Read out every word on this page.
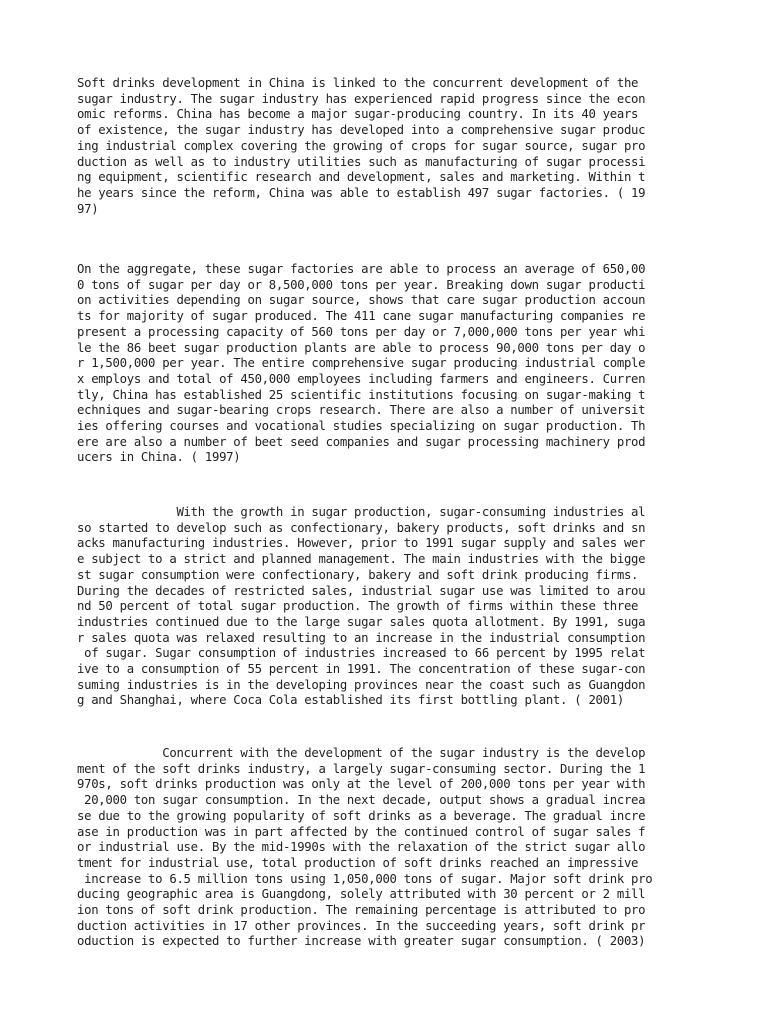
Soft drinks development in China is linked to the concurrent development of the
sugar industry. The sugar industry has experienced rapid progress since the econ
omic reforms. China has become a major sugar-producing country. In its 40 years
of existence, the sugar industry has developed into a comprehensive sugar produc
ing industrial complex covering the growing of crops for sugar source, sugar pro
duction as well as to industry utilities such as manufacturing of sugar processi
ng equipment, scientific research and development, sales and marketing. Within t
he years since the reform, China was able to establish 497 sugar factories. ( 19
97)

On the aggregate, these sugar factories are able to process an average of 650,00
0 tons of sugar per day or 8,500,000 tons per year. Breaking down sugar producti
on activities depending on sugar source, shows that care sugar production accoun
ts for majority of sugar produced. The 411 cane sugar manufacturing companies re
present a processing capacity of 560 tons per day or 7,000,000 tons per year whi
le the 86 beet sugar production plants are able to process 90,000 tons per day o
r 1,500,000 per year. The entire comprehensive sugar producing industrial comple
x employs and total of 450,000 employees including farmers and engineers. Curren
tly, China has established 25 scientific institutions focusing on sugar-making t
echniques and sugar-bearing crops research. There are also a number of universit
ies offering courses and vocational studies specializing on sugar production. Th
ere are also a number of beet seed companies and sugar processing machinery prod
ucers in China. ( 1997)

With the growth in sugar production, sugar-consuming industries al
so started to develop such as confectionary, bakery products, soft drinks and sn
acks manufacturing industries. However, prior to 1991 sugar supply and sales wer
e subject to a strict and planned management. The main industries with the bigge
st sugar consumption were confectionary, bakery and soft drink producing firms.
During the decades of restricted sales, industrial sugar use was limited to arou
nd 50 percent of total sugar production. The growth of firms within these three
industries continued due to the large sugar sales quota allotment. By 1991, suga
r sales quota was relaxed resulting to an increase in the industrial consumption
of sugar. Sugar consumption of industries increased to 66 percent by 1995 relat
ive to a consumption of 55 percent in 1991. The concentration of these sugar-con
suming industries is in the developing provinces near the coast such as Guangdon
g and Shanghai, where Coca Cola established its first bottling plant. ( 2001)

Concurrent with the development of the sugar industry is the develop
ment of the soft drinks industry, a largely sugar-consuming sector. During the 1
970s, soft drinks production was only at the level of 200,000 tons per year with
20,000 ton sugar consumption. In the next decade, output shows a gradual increa
se due to the growing popularity of soft drinks as a beverage. The gradual incre
ase in production was in part affected by the continued control of sugar sales f
or industrial use. By the mid-1990s with the relaxation of the strict sugar allo
tment for industrial use, total production of soft drinks reached an impressive
increase to 6.5 million tons using 1,050,000 tons of sugar. Major soft drink pro
ducing geographic area is Guangdong, solely attributed with 30 percent or 2 mill
ion tons of soft drink production. The remaining percentage is attributed to pro
duction activities in 17 other provinces. In the succeeding years, soft drink pr
oduction is expected to further increase with greater sugar consumption. ( 2003)
